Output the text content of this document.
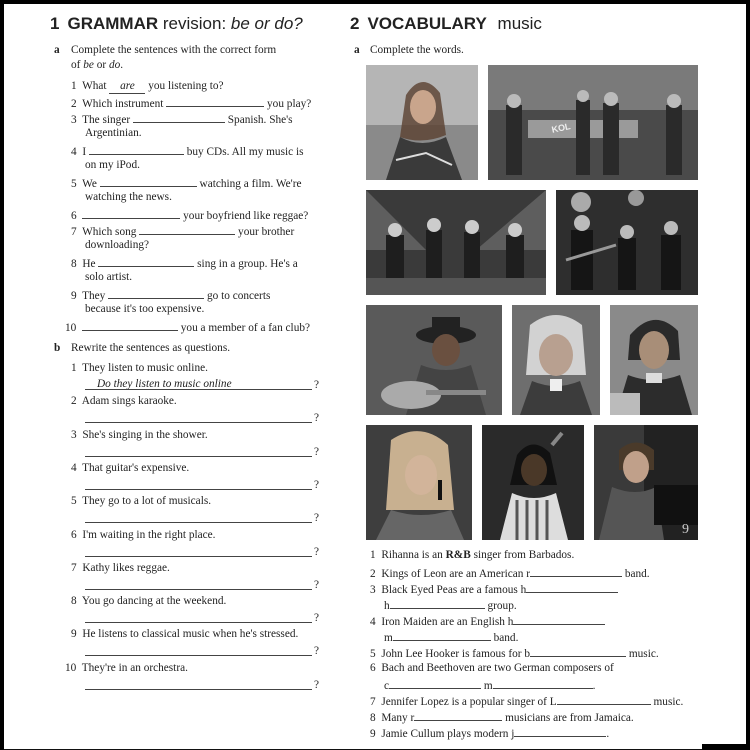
1 GRAMMAR revision: be or do?	2 VOCABULARY music
a Complete the sentences with the correct form
of be or do.
1 What are you listening to?
2 Which instrument	you play?
3 The singer	Spanish. She's
Argentinian.
4 I	buy CDs. All my music is
on my iPod.
5 We	watching a film. We're
watching the news.
6	your boyfriend like reggae?
7 Which song	your brother
downloading?
8 He	sing in a group. He's a
solo artist.
9 They	go to concerts
because it's too expensive.
10	you a member of a fan club?
b Rewrite the sentences as questions.
1 They listen to music online.
Do they listen to music online	?
2 Adam sings karaoke.
?
3 She's singing in the shower.
?
4 That guitar's expensive.
?
5 They go to a lot of musicals.
?
6 I'm waiting in the right place.
?
7 Kathy likes reggae.
?
8 You go dancing at the weekend.
?
9 He listens to classical music when he's stressed.
?
10 They're in an orchestra.
?
a Complete the words.
KOL
9
1 Rihanna is an R&B singer from Barbados.
2 Kings of Leon are an American r	band.
3 Black Eyed Peas are a famous h
h	group.
4 Iron Maiden are an English h
m	band.
5 John Lee Hooker is famous for b	music.
6 Bach and Beethoven are two German composers of
c	m	.
7 Jennifer Lopez is a popular singer of L	music.
8 Many r	musicians are from Jamaica.
9 Jamie Cullum plays modern j	.
